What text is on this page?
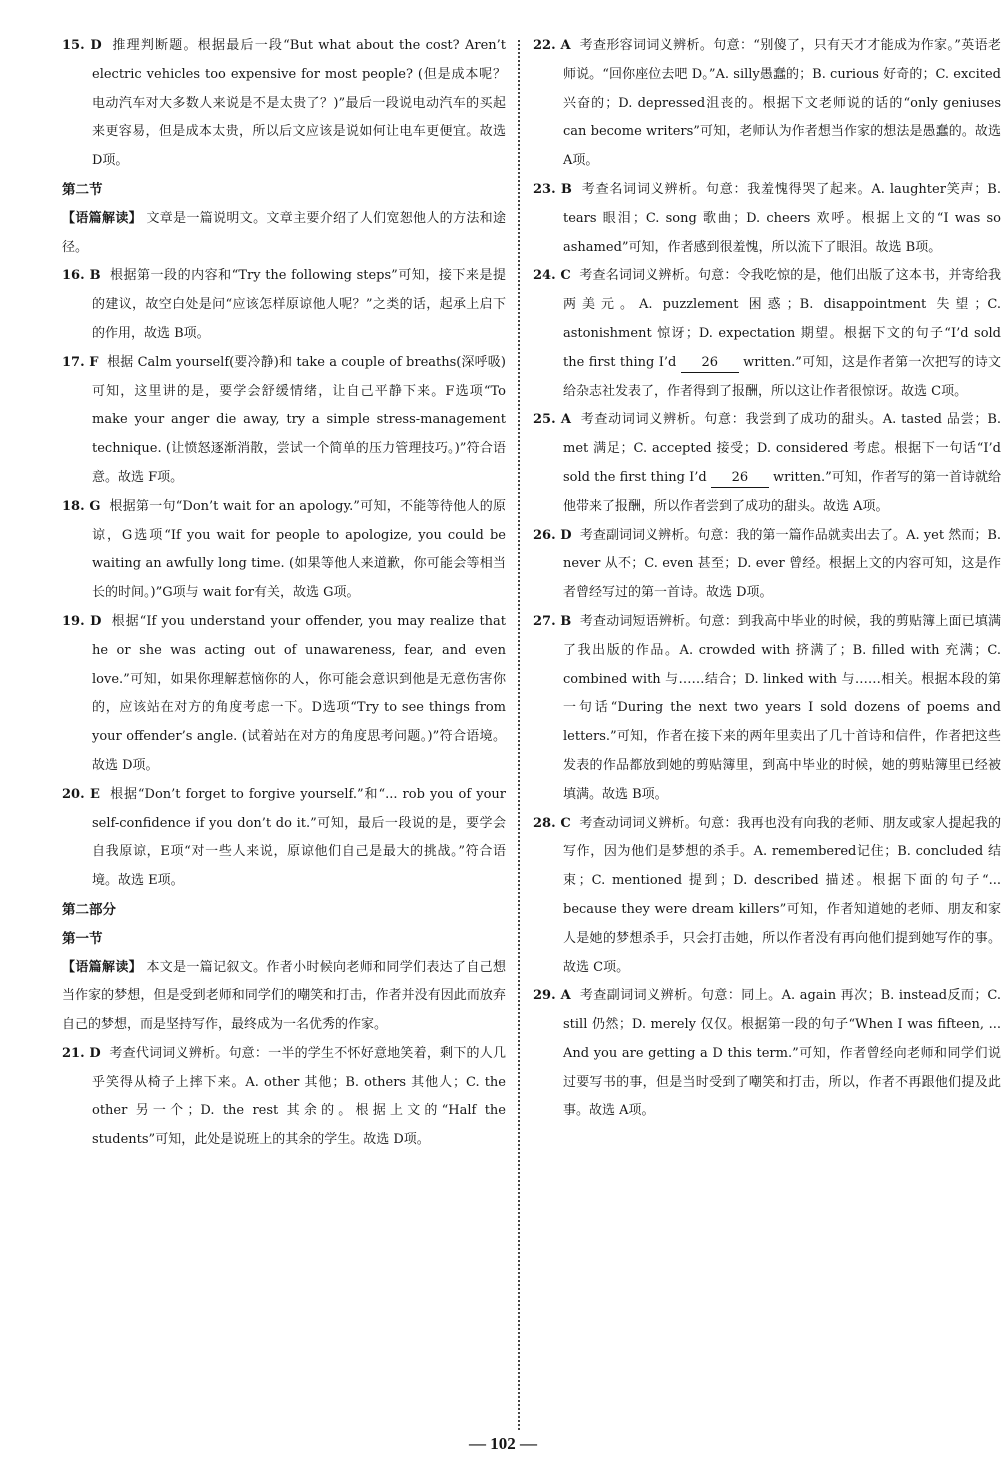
15. D 推理判断题。根据最后一段“But what about the cost? Aren’t electric vehicles too expensive for most people? (但是成本呢？电动汽车对大多数人来说是不是太贵了？)”最后一段说电动汽车的买起来更容易，但是成本太贵，所以后文应该是说如何让电车更便宜。故选 D项。

第二节

【语篇解读】 文章是一篇说明文。文章主要介绍了人们宽恕他人的方法和途径。

16. B 根据第一段的内容和“Try the following steps”可知，接下来是提的建议，故空白处是问“应该怎样原谅他人呢？”之类的话，起承上启下的作用，故选 B项。

17. F 根据 Calm yourself(要冷静)和 take a couple of breaths(深呼吸)可知，这里讲的是，要学会舒缓情绪，让自己平静下来。F选项“To make your anger die away, try a simple stress-management technique. (让愤怒逐渐消散，尝试一个简单的压力管理技巧。)”符合语意。故选 F项。

18. G 根据第一句“Don’t wait for an apology.”可知，不能等待他人的原谅，G选项“If you wait for people to apologize, you could be waiting an awfully long time. (如果等他人来道歉，你可能会等相当长的时间。)”G项与 wait for有关，故选 G项。

19. D 根据“If you understand your offender, you may realize that he or she was acting out of unawareness, fear, and even love.”可知，如果你理解惹恼你的人，你可能会意识到他是无意伤害你的，应该站在对方的角度考虑一下。D选项“Try to see things from your offender’s angle. (试着站在对方的角度思考问题。)”符合语境。故选 D项。

20. E 根据“Don’t forget to forgive yourself.”和“... rob you of your self-confidence if you don’t do it.”可知，最后一段说的是，要学会自我原谅，E项“对一些人来说，原谅他们自己是最大的挑战。”符合语境。故选 E项。

第二部分

第一节

【语篇解读】 本文是一篇记叙文。作者小时候向老师和同学们表达了自己想当作家的梦想，但是受到老师和同学们的嘲笑和打击，作者并没有因此而放弃自己的梦想，而是坚持写作，最终成为一名优秀的作家。

21. D 考查代词词义辨析。句意：一半的学生不怀好意地笑着，剩下的人几乎笑得从椅子上摔下来。A. other 其他；B. others 其他人；C. the other 另一个；D. the rest 其余的。根据上文的“Half the students”可知，此处是说班上的其余的学生。故选 D项。

22. A 考查形容词词义辨析。句意：“别傻了，只有天才才能成为作家。”英语老师说。“回你座位去吧 D。”A. silly愚蠢的；B. curious 好奇的；C. excited 兴奋的；D. depressed沮丧的。根据下文老师说的话的“only geniuses can become writers”可知，老师认为作者想当作家的想法是愚蠢的。故选 A项。

23. B 考查名词词义辨析。句意：我羞愧得哭了起来。A. laughter笑声；B. tears 眼泪；C. song 歌曲；D. cheers 欢呼。根据上文的“I was so ashamed”可知，作者感到很羞愧，所以流下了眼泪。故选 B项。

24. C 考查名词词义辨析。句意：令我吃惊的是，他们出版了这本书，并寄给我两美元。A. puzzlement 困惑；B. disappointment 失望；C. astonishment 惊讶；D. expectation 期望。根据下文的句子“I’d sold the first thing I’d 26 written.”可知，这是作者第一次把写的诗文给杂志社发表了，作者得到了报酬，所以这让作者很惊讶。故选 C项。

25. A 考查动词词义辨析。句意：我尝到了成功的甜头。A. tasted 品尝；B. met 满足；C. accepted 接受；D. considered 考虑。根据下一句话“I’d sold the first thing I’d 26 written.”可知，作者写的第一首诗就给他带来了报酬，所以作者尝到了成功的甜头。故选 A项。

26. D 考查副词词义辨析。句意：我的第一篇作品就卖出去了。A. yet 然而；B. never 从不；C. even 甚至；D. ever 曾经。根据上文的内容可知，这是作者曾经写过的第一首诗。故选 D项。

27. B 考查动词短语辨析。句意：到我高中毕业的时候，我的剪贴簿上面已填满了我出版的作品。A. crowded with 挤满了；B. filled with 充满；C. combined with 与……结合；D. linked with 与……相关。根据本段的第一句话“During the next two years I sold dozens of poems and letters.”可知，作者在接下来的两年里卖出了几十首诗和信件，作者把这些发表的作品都放到她的剪贴簿里，到高中毕业的时候，她的剪贴簿里已经被填满。故选 B项。

28. C 考查动词词义辨析。句意：我再也没有向我的老师、朋友或家人提起我的写作，因为他们是梦想的杀手。A. remembered记住；B. concluded 结束；C. mentioned 提到；D. described 描述。根据下面的句子“... because they were dream killers”可知，作者知道她的老师、朋友和家人是她的梦想杀手，只会打击她，所以作者没有再向他们提到她写作的事。故选 C项。

29. A 考查副词词义辨析。句意：同上。A. again 再次；B. instead反而；C. still 仍然；D. merely 仅仅。根据第一段的句子“When I was fifteen, ... And you are getting a D this term.”可知，作者曾经向老师和同学们说过要写书的事，但是当时受到了嘲笑和打击，所以，作者不再跟他们提及此事。故选 A项。

— 102 —
